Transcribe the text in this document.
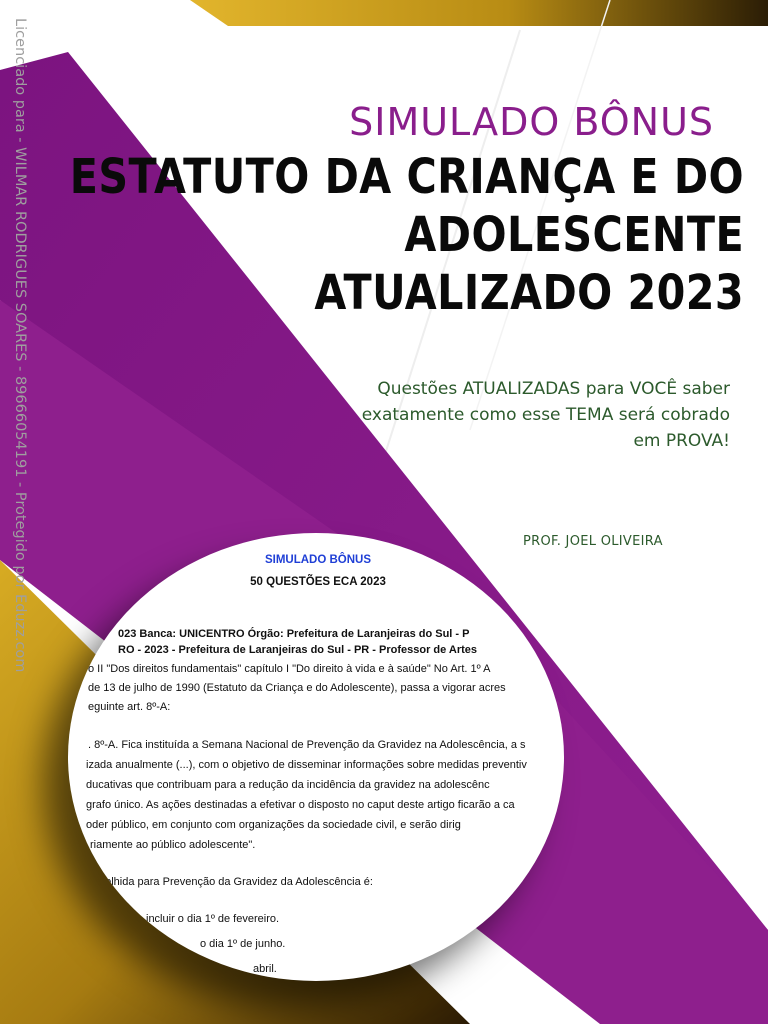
Licenciado para - WILMAR RODRIGUES SOARES - 89666054191 - Protegido por Eduzz.com	SIMULADO BÔNUS
ESTATUTO DA CRIANÇA E DO
ADOLESCENTE
ATUALIZADO 2023
Questões ATUALIZADAS para VOCÊ saber
exatamente como esse TEMA será cobrado
em PROVA!
PROF. JOEL OLIVEIRA
SIMULADO BÔNUS
50 QUESTÕES ECA 2023
023 Banca: UNICENTRO Órgão: Prefeitura de Laranjeiras do Sul - P
RO - 2023 - Prefeitura de Laranjeiras do Sul - PR - Professor de Artes
o II "Dos direitos fundamentais" capítulo I "Do direito à vida e à saúde" No Art. 1º A
de 13 de julho de 1990 (Estatuto da Criança e do Adolescente), passa a vigorar acres
eguinte art. 8º-A:
. 8º-A. Fica instituída a Semana Nacional de Prevenção da Gravidez na Adolescência, a s
izada anualmente (...), com o objetivo de disseminar informações sobre medidas preventiv
ducativas que contribuam para a redução da incidência da gravidez na adolescênc
grafo único. As ações destinadas a efetivar o disposto no caput deste artigo ficarão a ca
oder público, em conjunto com organizações da sociedade civil, e serão dirig
riamente ao público adolescente".
escolhida para Prevenção da Gravidez da Adolescência é:
incluir o dia 1º de fevereiro.
o dia 1º de junho.
abril.
